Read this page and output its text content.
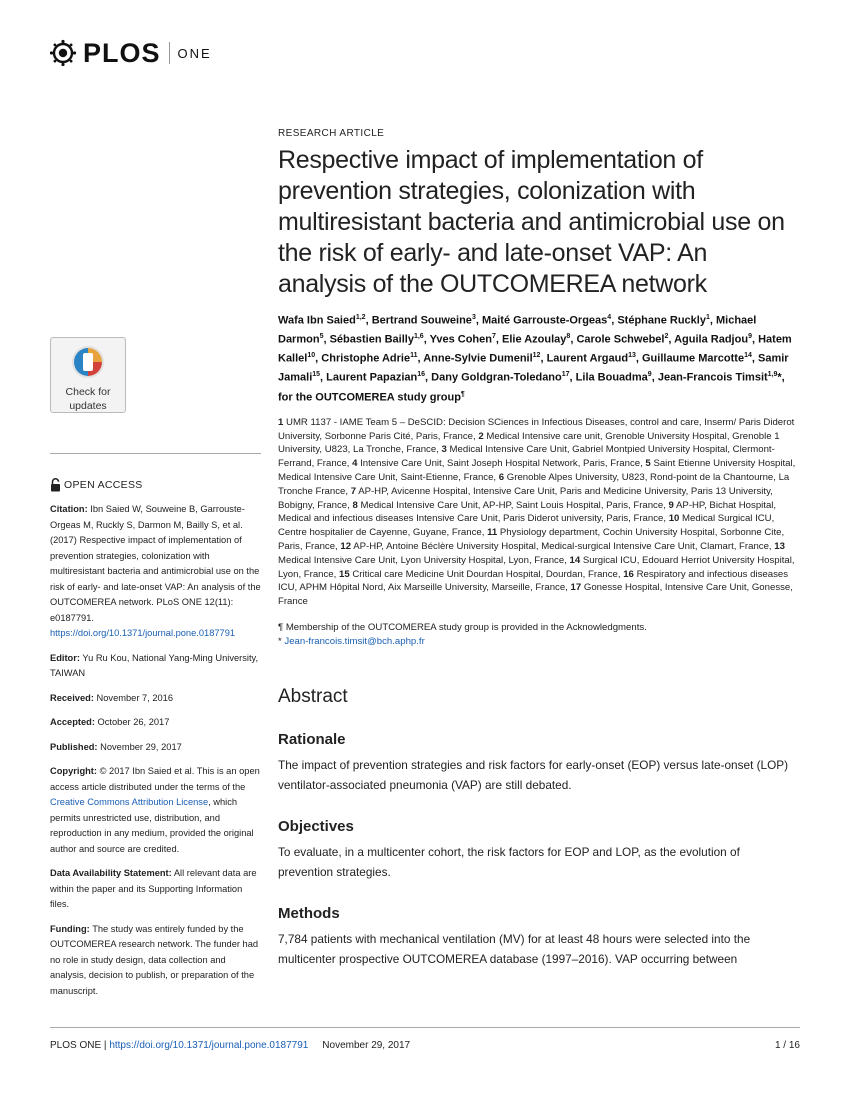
PLOS ONE
Check for
updates
OPEN ACCESS

Citation: Ibn Saied W, Souweine B, Garrouste-Orgeas M, Ruckly S, Darmon M, Bailly S, et al. (2017) Respective impact of implementation of prevention strategies, colonization with multiresistant bacteria and antimicrobial use on the risk of early- and late-onset VAP: An analysis of the OUTCOMEREA network. PLoS ONE 12(11): e0187791. https://doi.org/10.1371/journal.pone.0187791

Editor: Yu Ru Kou, National Yang-Ming University, TAIWAN

Received: November 7, 2016

Accepted: October 26, 2017

Published: November 29, 2017

Copyright: © 2017 Ibn Saied et al. This is an open access article distributed under the terms of the Creative Commons Attribution License, which permits unrestricted use, distribution, and reproduction in any medium, provided the original author and source are credited.

Data Availability Statement: All relevant data are within the paper and its Supporting Information files.

Funding: The study was entirely funded by the OUTCOMEREA research network. The funder had no role in study design, data collection and analysis, decision to publish, or preparation of the manuscript.

RESEARCH ARTICLE
Respective impact of implementation of prevention strategies, colonization with multiresistant bacteria and antimicrobial use on the risk of early- and late-onset VAP: An analysis of the OUTCOMEREA network
Wafa Ibn Saied$^{1,2}$, Bertrand Souweine$^3$, Maité Garrouste-Orgeas$^4$, Stéphane Ruckly$^1$, Michael Darmon$^5$, Sébastien Bailly$^{1,6}$, Yves Cohen$^7$, Elie Azoulay$^8$, Carole Schwebel$^2$, Aguila Radjou$^9$, Hatem Kallel$^{10}$, Christophe Adrie$^{11}$, Anne-Sylvie Dumenil$^{12}$, Laurent Argaud$^{13}$, Guillaume Marcotte$^{14}$, Samir Jamali$^{15}$, Laurent Papazian$^{16}$, Dany Goldgran-Toledano$^{17}$, Lila Bouadma$^9$, Jean-Francois Timsit$^{1,9}$*, for the OUTCOMEREA study group¶
1 UMR 1137 - IAME Team 5 – DeSCID: Decision SCiences in Infectious Diseases, control and care, Inserm/ Paris Diderot University, Sorbonne Paris Cité, Paris, France, 2 Medical Intensive care unit, Grenoble University Hospital, Grenoble 1 University, U823, La Tronche, France, 3 Medical Intensive Care Unit, Gabriel Montpied University Hospital, Clermont-Ferrand, France, 4 Intensive Care Unit, Saint Joseph Hospital Network, Paris, France, 5 Saint Etienne University Hospital, Medical Intensive Care Unit, Saint-Etienne, France, 6 Grenoble Alpes University, U823, Rond-point de la Chantourne, La Tronche France, 7 AP-HP, Avicenne Hospital, Intensive Care Unit, Paris and Medicine University, Paris 13 University, Bobigny, France, 8 Medical Intensive Care Unit, AP-HP, Saint Louis Hospital, Paris, France, 9 AP-HP, Bichat Hospital, Medical and infectious diseases Intensive Care Unit, Paris Diderot university, Paris, France, 10 Medical Surgical ICU, Centre hospitalier de Cayenne, Guyane, France, 11 Physiology department, Cochin University Hospital, Sorbonne Cite, Paris, France, 12 AP-HP, Antoine Béclère University Hospital, Medical-surgical Intensive Care Unit, Clamart, France, 13 Medical Intensive Care Unit, Lyon University Hospital, Lyon, France, 14 Surgical ICU, Edouard Herriot University Hospital, Lyon, France, 15 Critical care Medicine Unit Dourdan Hospital, Dourdan, France, 16 Respiratory and infectious diseases ICU, APHM Hôpital Nord, Aix Marseille University, Marseille, France, 17 Gonesse Hospital, Intensive Care Unit, Gonesse, France
¶ Membership of the OUTCOMEREA study group is provided in the Acknowledgments.
* Jean-francois.timsit@bch.aphp.fr
Abstract
Rationale

The impact of prevention strategies and risk factors for early-onset (EOP) versus late-onset (LOP) ventilator-associated pneumonia (VAP) are still debated.

Objectives

To evaluate, in a multicenter cohort, the risk factors for EOP and LOP, as the evolution of prevention strategies.

Methods

7,784 patients with mechanical ventilation (MV) for at least 48 hours were selected into the multicenter prospective OUTCOMEREA database (1997–2016). VAP occurring between

PLOS ONE
|
https://doi.org/10.1371/journal.pone.0187791
November 29, 2017	1 / 16
